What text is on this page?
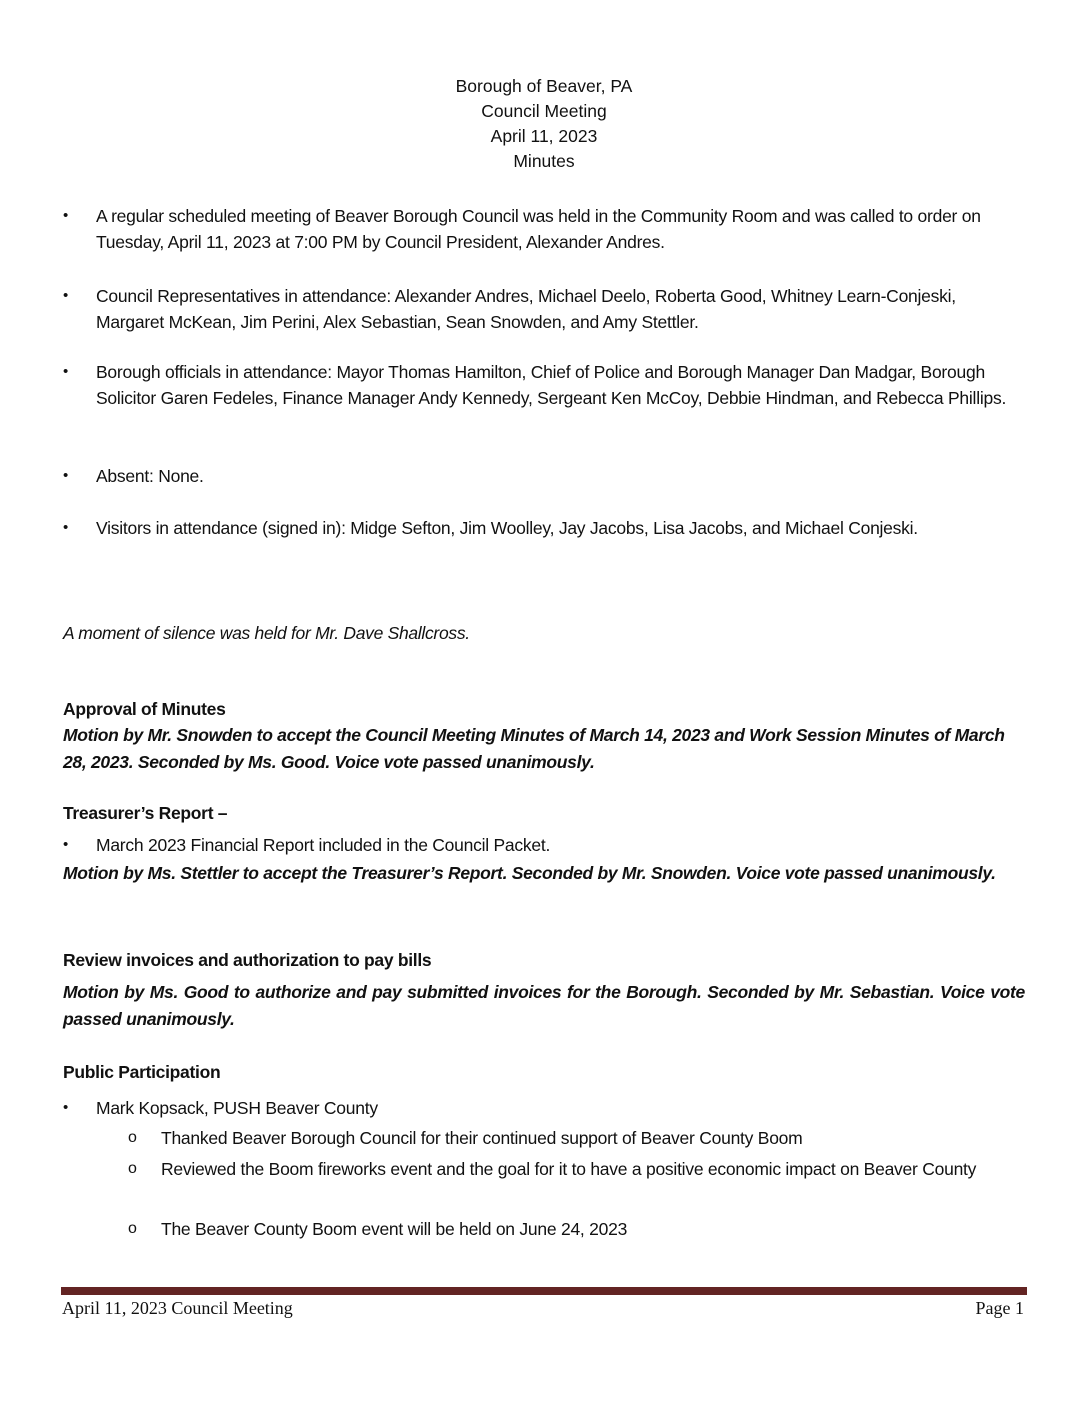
Borough of Beaver, PA
Council Meeting
April 11, 2023
Minutes
•	A regular scheduled meeting of Beaver Borough Council was held in the Community Room and was called to order on Tuesday, April 11, 2023 at 7:00 PM by Council President, Alexander Andres.
•	Council Representatives in attendance: Alexander Andres, Michael Deelo, Roberta Good, Whitney Learn-Conjeski, Margaret McKean, Jim Perini, Alex Sebastian, Sean Snowden, and Amy Stettler.
•	Borough officials in attendance: Mayor Thomas Hamilton, Chief of Police and Borough Manager Dan Madgar, Borough Solicitor Garen Fedeles, Finance Manager Andy Kennedy, Sergeant Ken McCoy, Debbie Hindman, and Rebecca Phillips.
•	Absent: None.
•	Visitors in attendance (signed in): Midge Sefton, Jim Woolley, Jay Jacobs, Lisa Jacobs, and Michael Conjeski.
A moment of silence was held for Mr. Dave Shallcross.
Approval of Minutes
Motion by Mr. Snowden to accept the Council Meeting Minutes of March 14, 2023 and Work Session Minutes of March 28, 2023. Seconded by Ms. Good. Voice vote passed unanimously.
Treasurer’s Report –
•	March 2023 Financial Report included in the Council Packet.
Motion by Ms. Stettler to accept the Treasurer’s Report. Seconded by Mr. Snowden. Voice vote passed unanimously.
Review invoices and authorization to pay bills
Motion by Ms. Good to authorize and pay submitted invoices for the Borough. Seconded by Mr. Sebastian. Voice vote passed unanimously.
Public Participation
•	Mark Kopsack, PUSH Beaver County
o Thanked Beaver Borough Council for their continued support of Beaver County Boom
o Reviewed the Boom fireworks event and the goal for it to have a positive economic impact on Beaver County
o The Beaver County Boom event will be held on June 24, 2023
April 11, 2023 Council Meeting	Page 1
